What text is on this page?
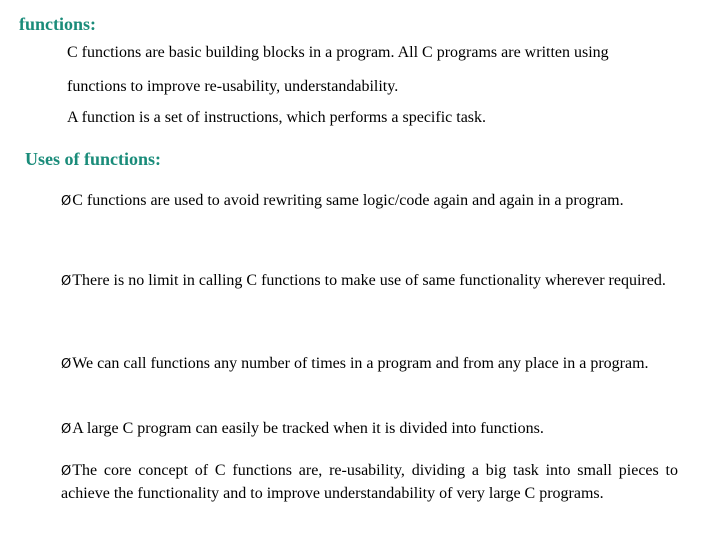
functions:
C functions are basic building blocks in a program. All C programs are written using
functions to improve re-usability, understandability.
A function is a set of instructions, which performs a specific task.
Uses of functions:
ØC functions are used to avoid rewriting same logic/code again and again in a program.
ØThere is no limit in calling C functions to make use of same functionality wherever required.
ØWe can call functions any number of times in a program and from any place in a program.
ØA large C program can easily be tracked when it is divided into functions.
ØThe core concept of C functions are, re-usability, dividing a big task into small pieces to achieve the functionality and to improve understandability of very large C programs.
